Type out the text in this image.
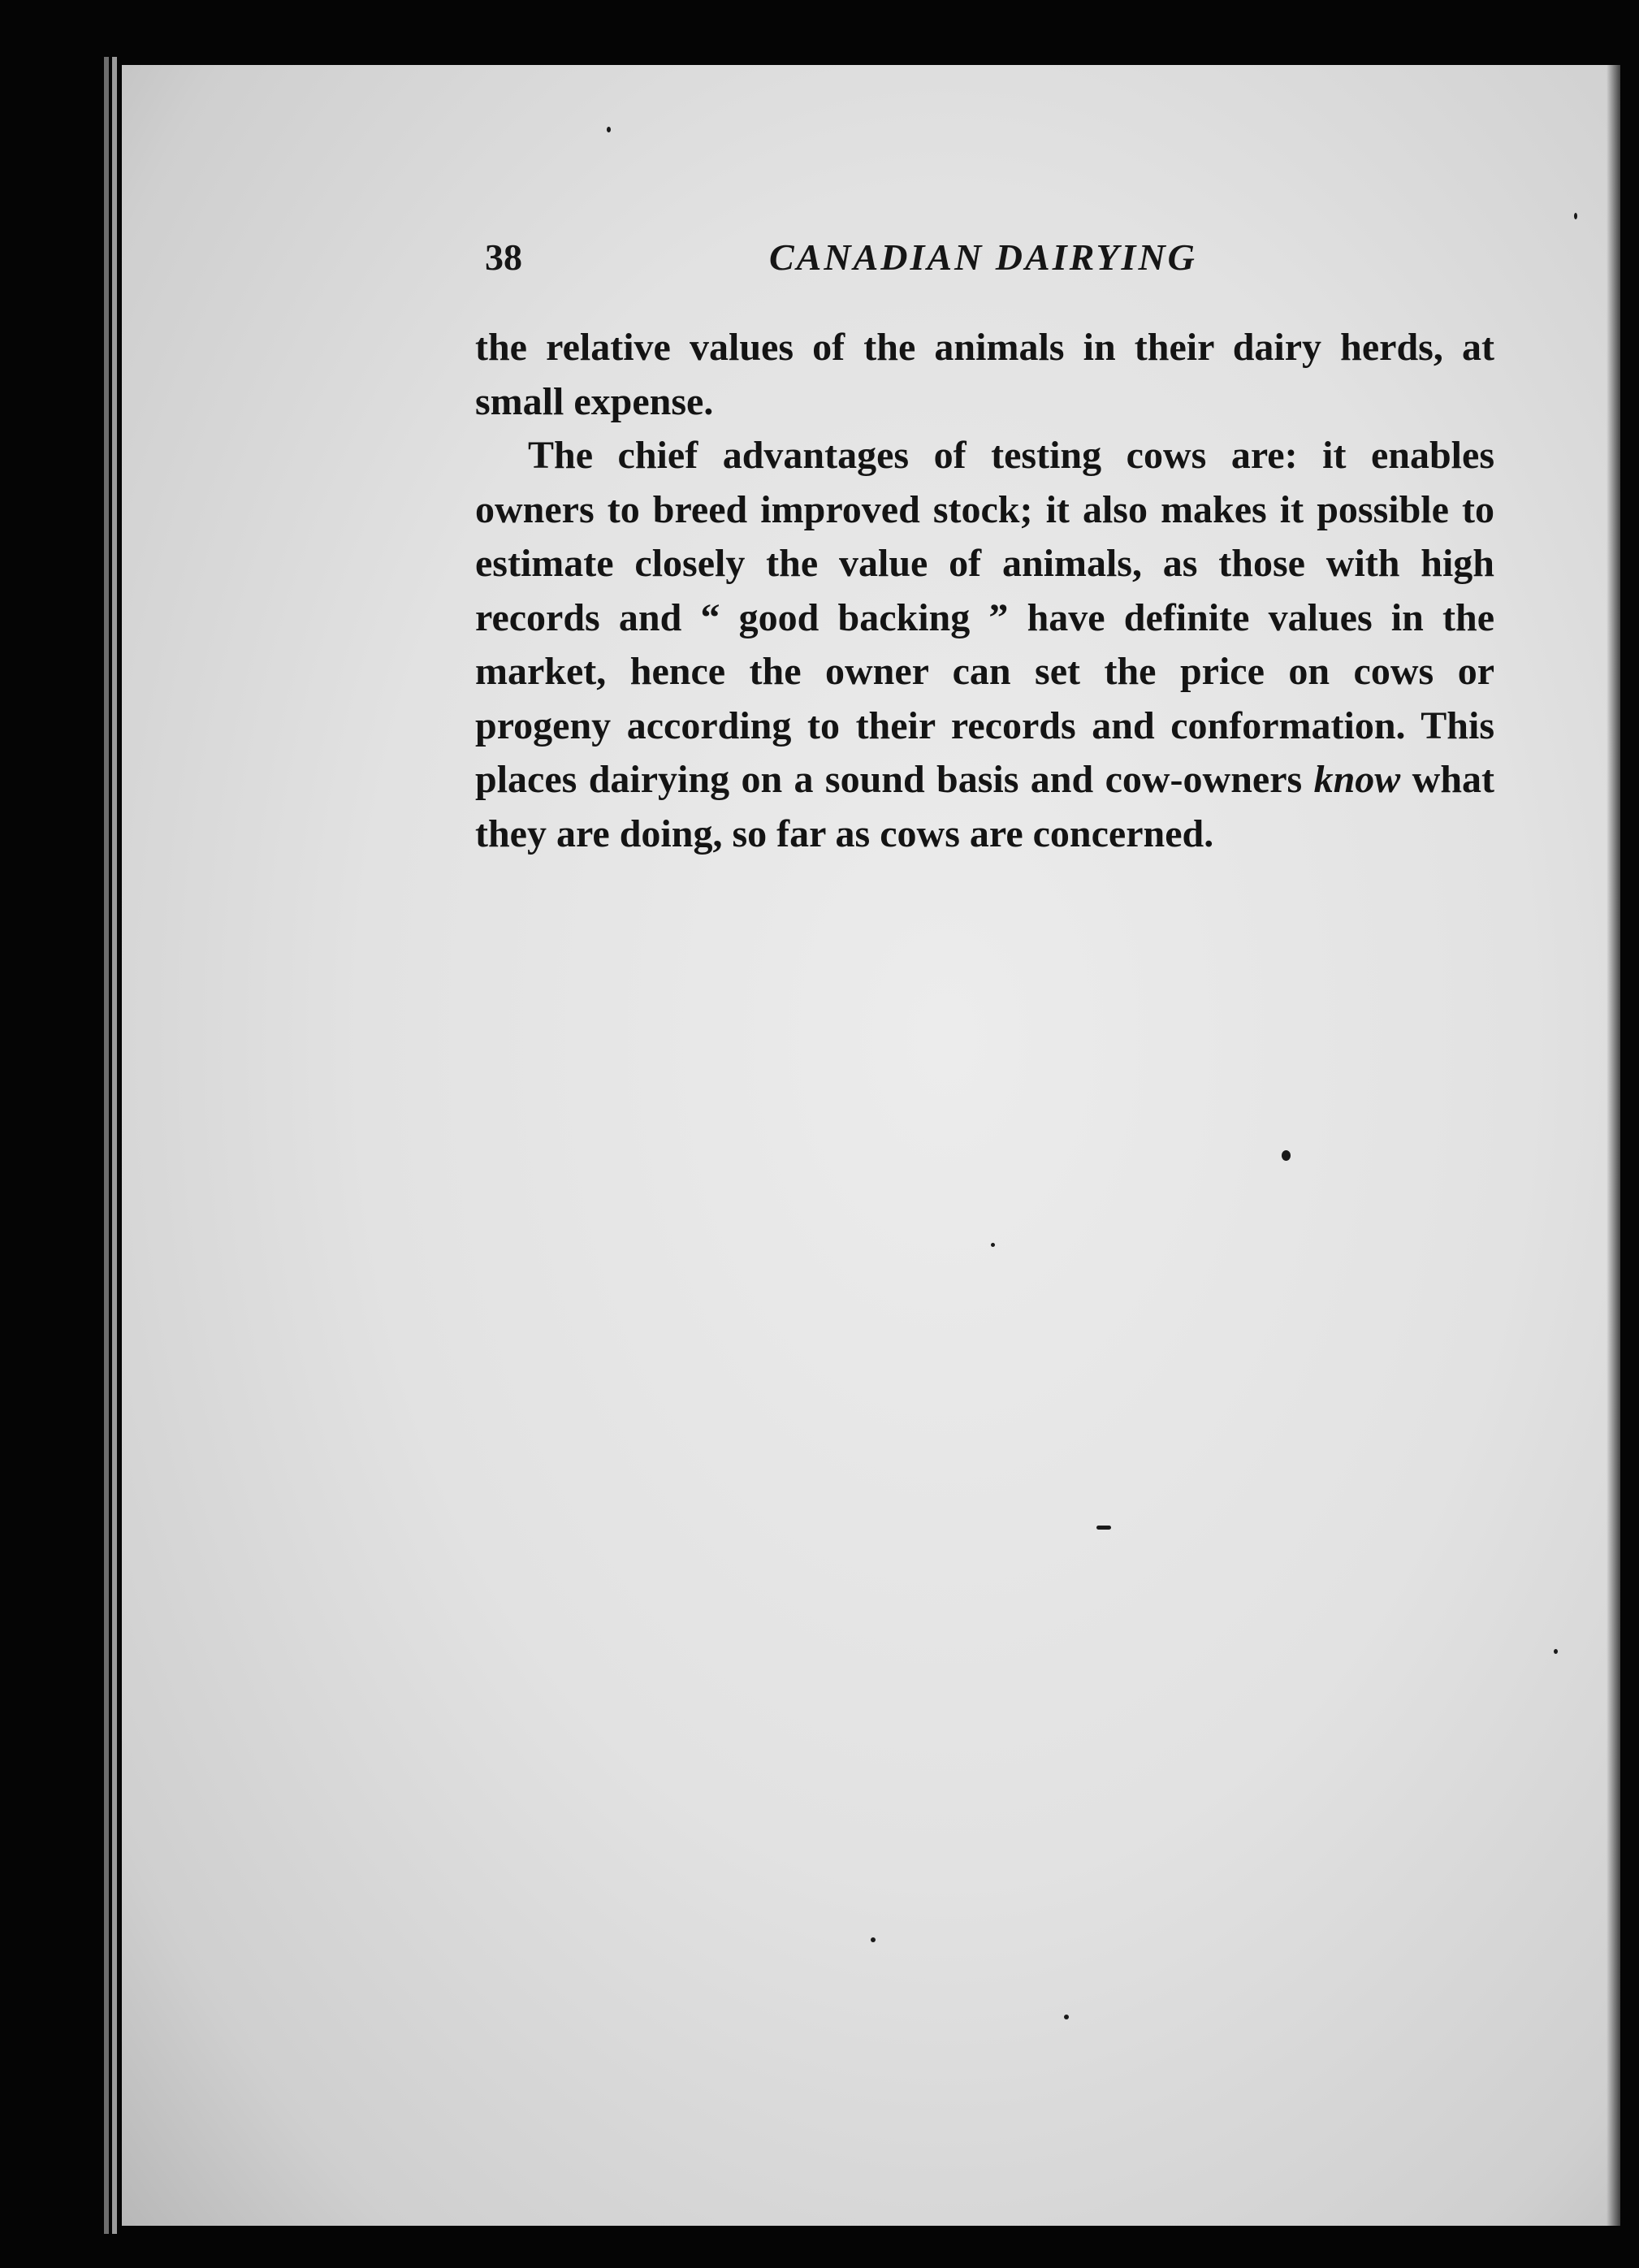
38	CANADIAN DAIRYING

the relative values of the animals in their dairy herds, at small expense.

The chief advantages of testing cows are: it enables owners to breed improved stock; it also makes it possible to estimate closely the value of animals, as those with high records and “ good backing ” have definite values in the market, hence the owner can set the price on cows or progeny according to their records and conformation. This places dairying on a sound basis and cow-owners know what they are doing, so far as cows are concerned.
